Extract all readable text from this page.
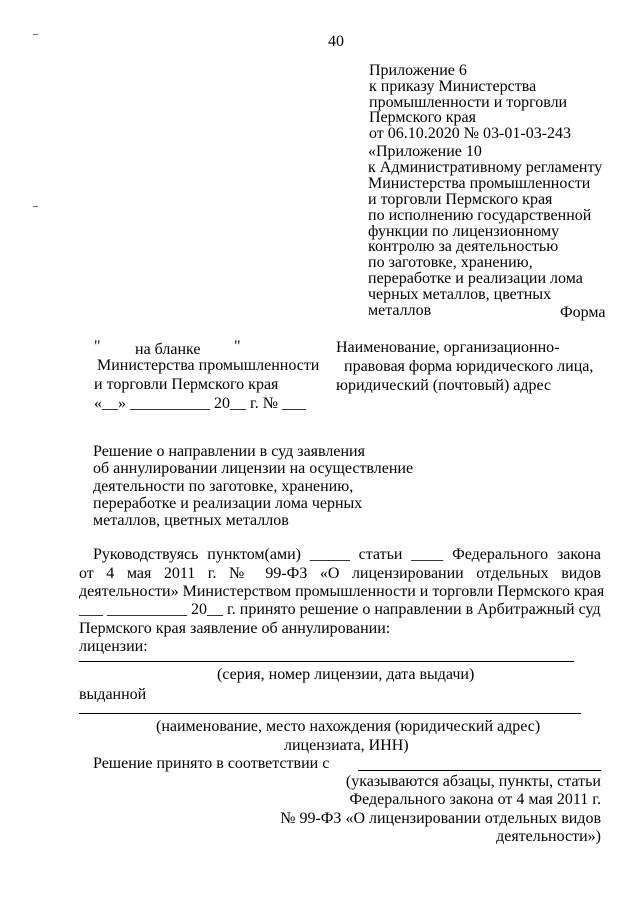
40
Приложение 6
к приказу Министерства
промышленности и торговли
Пермского края
от 06.10.2020 № 03-01-03-243
«Приложение 10
к Административному регламенту
Министерства промышленности
и торговли Пермского края
по исполнению государственной
функции по лицензионному
контролю за деятельностью
по заготовке, хранению,
переработке и реализации лома
черных металлов, цветных
металлов	Форма
" на бланке "
Министерства промышленности
и торговли Пермского края
«__» __________ 20__ г. № ___
Наименование, организационно-
правовая форма юридического лица,
юридический (почтовый) адрес
Решение о направлении в суд заявления
об аннулировании лицензии на осуществление
деятельности по заготовке, хранению,
переработке и реализации лома черных
металлов, цветных металлов
Руководствуясь пунктом(ами) _____ статьи ____ Федерального закона
от 4 мая 2011 г. № 99-ФЗ «О лицензировании отдельных видов
деятельности» Министерством промышленности и торговли Пермского края
___ __________ 20__ г. принято решение о направлении в Арбитражный суд
Пермского края заявление об аннулировании:
лицензии:
(серия, номер лицензии, дата выдачи)
выданной
(наименование, место нахождения (юридический адрес)
лицензиата, ИНН)
Решение принято в соответствии с
(указываются абзацы, пункты, статьи
Федерального закона от 4 мая 2011 г.
№ 99-ФЗ «О лицензировании отдельных видов
деятельности»)
